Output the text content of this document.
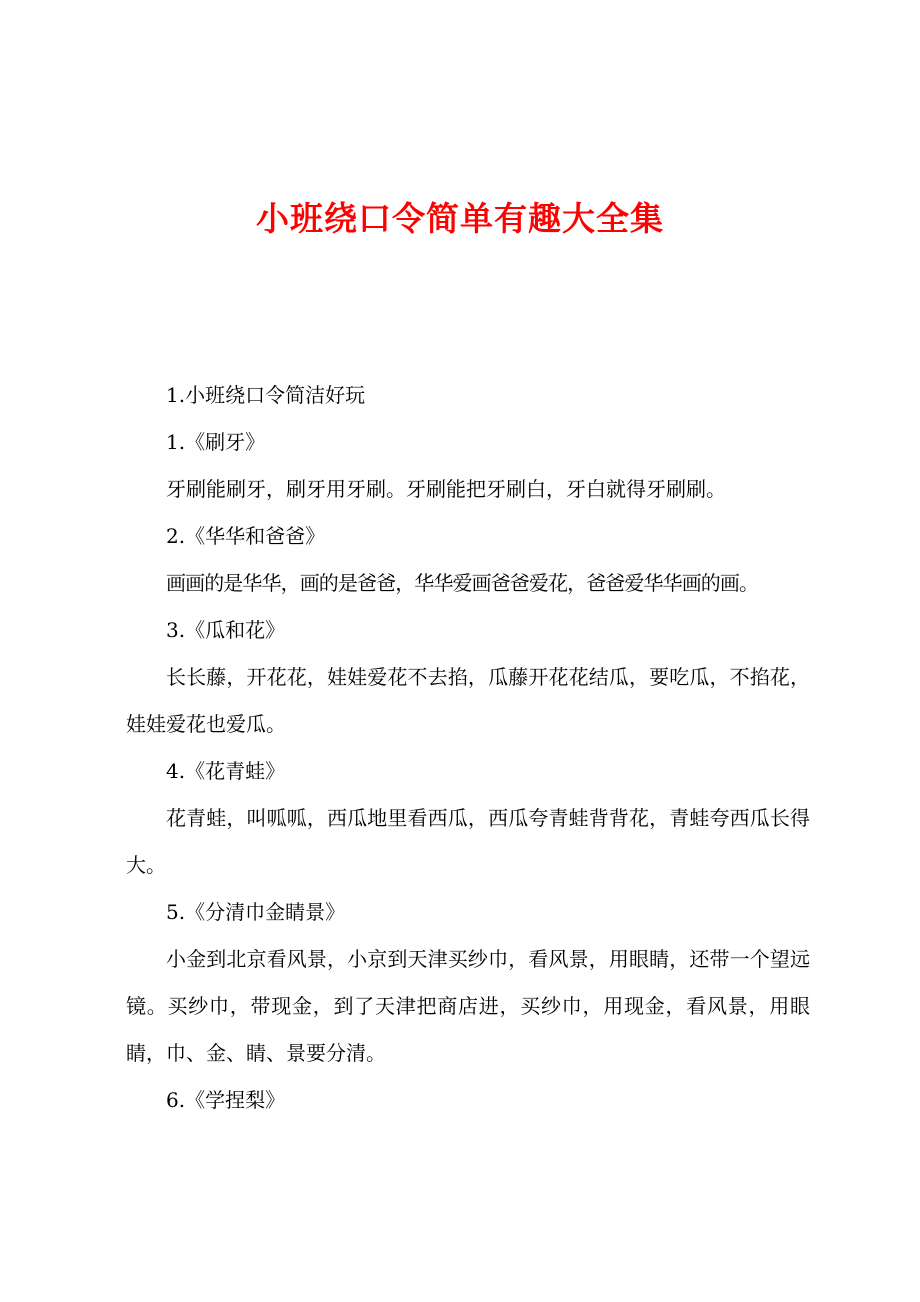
小班绕口令简单有趣大全集

1.小班绕口令简洁好玩

1.《刷牙》

牙刷能刷牙，刷牙用牙刷。牙刷能把牙刷白，牙白就得牙刷刷。

2.《华华和爸爸》

画画的是华华，画的是爸爸，华华爱画爸爸爱花，爸爸爱华华画的画。

3.《瓜和花》

长长藤，开花花，娃娃爱花不去掐，瓜藤开花花结瓜，要吃瓜，不掐花，娃娃爱花也爱瓜。

4.《花青蛙》

花青蛙，叫呱呱，西瓜地里看西瓜，西瓜夸青蛙背背花，青蛙夸西瓜长得大。

5.《分清巾金睛景》

小金到北京看风景，小京到天津买纱巾，看风景，用眼睛，还带一个望远镜。买纱巾，带现金，到了天津把商店进，买纱巾，用现金，看风景，用眼睛，巾、金、睛、景要分清。

6.《学捏梨》
